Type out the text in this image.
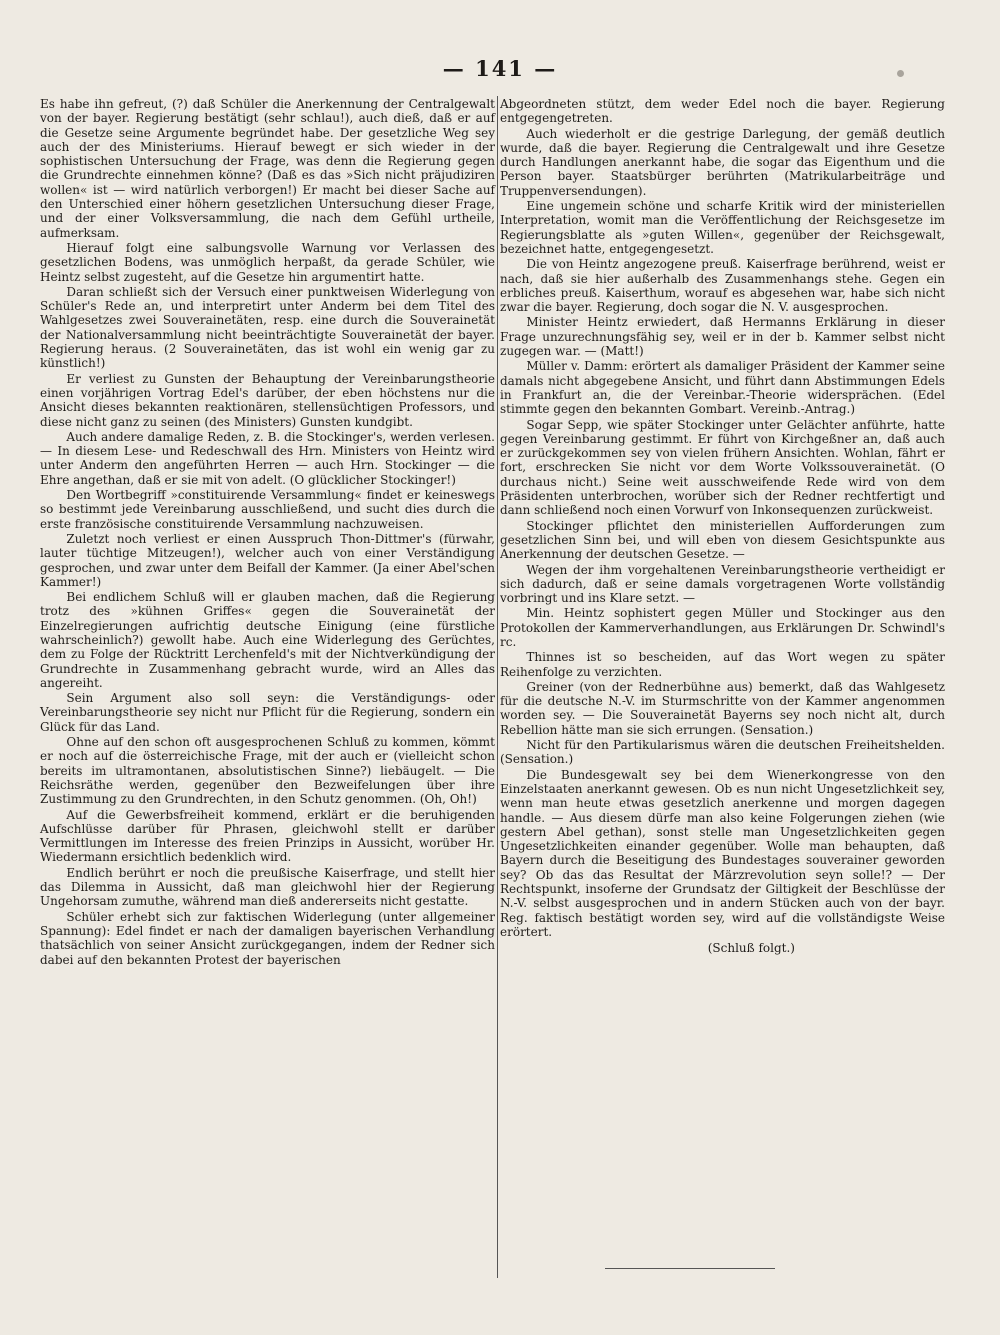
— 141 —

Es habe ihn gefreut, (?) daß Schüler die Anerkennung der Centralgewalt von der bayer. Regierung bestätigt (sehr schlau!), auch dieß, daß er auf die Gesetze seine Argumente begründet habe. Der gesetzliche Weg sey auch der des Ministeriums. Hierauf bewegt er sich wieder in der sophistischen Untersuchung der Frage, was denn die Regierung gegen die Grundrechte einnehmen könne? (Daß es das »Sich nicht präjudiziren wollen« ist — wird natürlich verborgen!) Er macht bei dieser Sache auf den Unterschied einer höhern gesetzlichen Untersuchung dieser Frage, und der einer Volksversammlung, die nach dem Gefühl urtheile, aufmerksam.

Hierauf folgt eine salbungsvolle Warnung vor Verlassen des gesetzlichen Bodens, was unmöglich herpaßt, da gerade Schüler, wie Heintz selbst zugesteht, auf die Gesetze hin argumentirt hatte.

Daran schließt sich der Versuch einer punktweisen Widerlegung von Schüler's Rede an, und interpretirt unter Anderm bei dem Titel des Wahlgesetzes zwei Souverainetäten, resp. eine durch die Souverainetät der Nationalversammlung nicht beeinträchtigte Souverainetät der bayer. Regierung heraus. (2 Souverainetäten, das ist wohl ein wenig gar zu künstlich!)

Er verliest zu Gunsten der Behauptung der Vereinbarungstheorie einen vorjährigen Vortrag Edel's darüber, der eben höchstens nur die Ansicht dieses bekannten reaktionären, stellensüchtigen Professors, und diese nicht ganz zu seinen (des Ministers) Gunsten kundgibt.

Auch andere damalige Reden, z. B. die Stockinger's, werden verlesen. — In diesem Lese- und Redeschwall des Hrn. Ministers von Heintz wird unter Anderm den angeführten Herren — auch Hrn. Stockinger — die Ehre angethan, daß er sie mit von adelt. (O glücklicher Stockinger!)

Den Wortbegriff »constituirende Versammlung« findet er keineswegs so bestimmt jede Vereinbarung ausschließend, und sucht dies durch die erste französische constituirende Versammlung nachzuweisen.

Zuletzt noch verliest er einen Ausspruch Thon-Dittmer's (fürwahr, lauter tüchtige Mitzeugen!), welcher auch von einer Verständigung gesprochen, und zwar unter dem Beifall der Kammer. (Ja einer Abel'schen Kammer!)

Bei endlichem Schluß will er glauben machen, daß die Regierung trotz des »kühnen Griffes« gegen die Souverainetät der Einzelregierungen aufrichtig deutsche Einigung (eine fürstliche wahrscheinlich?) gewollt habe. Auch eine Widerlegung des Gerüchtes, dem zu Folge der Rücktritt Lerchenfeld's mit der Nichtverkündigung der Grundrechte in Zusammenhang gebracht wurde, wird an Alles das angereiht.

Sein Argument also soll seyn: die Verständigungs- oder Vereinbarungstheorie sey nicht nur Pflicht für die Regierung, sondern ein Glück für das Land.

Ohne auf den schon oft ausgesprochenen Schluß zu kommen, kömmt er noch auf die österreichische Frage, mit der auch er (vielleicht schon bereits im ultramontanen, absolutistischen Sinne?) liebäugelt. — Die Reichsräthe werden, gegenüber den Bezweifelungen über ihre Zustimmung zu den Grundrechten, in den Schutz genommen. (Oh, Oh!)

Auf die Gewerbsfreiheit kommend, erklärt er die beruhigenden Aufschlüsse darüber für Phrasen, gleichwohl stellt er darüber Vermittlungen im Interesse des freien Prinzips in Aussicht, worüber Hr. Wiedermann ersichtlich bedenklich wird.

Endlich berührt er noch die preußische Kaiserfrage, und stellt hier das Dilemma in Aussicht, daß man gleichwohl hier der Regierung Ungehorsam zumuthe, während man dieß andererseits nicht gestatte.

Schüler erhebt sich zur faktischen Widerlegung (unter allgemeiner Spannung): Edel findet er nach der damaligen bayerischen Verhandlung thatsächlich von seiner Ansicht zurückgegangen, indem der Redner sich dabei auf den bekannten Protest der bayerischen

Abgeordneten stützt, dem weder Edel noch die bayer. Regierung entgegengetreten.

Auch wiederholt er die gestrige Darlegung, der gemäß deutlich wurde, daß die bayer. Regierung die Centralgewalt und ihre Gesetze durch Handlungen anerkannt habe, die sogar das Eigenthum und die Person bayer. Staatsbürger berührten (Matrikularbeiträge und Truppenversendungen).

Eine ungemein schöne und scharfe Kritik wird der ministeriellen Interpretation, womit man die Veröffentlichung der Reichsgesetze im Regierungsblatte als »guten Willen«, gegenüber der Reichsgewalt, bezeichnet hatte, entgegengesetzt.

Die von Heintz angezogene preuß. Kaiserfrage berührend, weist er nach, daß sie hier außerhalb des Zusammenhangs stehe. Gegen ein erbliches preuß. Kaiserthum, worauf es abgesehen war, habe sich nicht zwar die bayer. Regierung, doch sogar die N. V. ausgesprochen.

Minister Heintz erwiedert, daß Hermanns Erklärung in dieser Frage unzurechnungsfähig sey, weil er in der b. Kammer selbst nicht zugegen war. — (Matt!)

Müller v. Damm: erörtert als damaliger Präsident der Kammer seine damals nicht abgegebene Ansicht, und führt dann Abstimmungen Edels in Frankfurt an, die der Vereinbar.-Theorie widersprächen. (Edel stimmte gegen den bekannten Gombart. Vereinb.-Antrag.)

Sogar Sepp, wie später Stockinger unter Gelächter anführte, hatte gegen Vereinbarung gestimmt. Er führt von Kirchgeßner an, daß auch er zurückgekommen sey von vielen frühern Ansichten. Wohlan, fährt er fort, erschrecken Sie nicht vor dem Worte Volkssouverainetät. (O durchaus nicht.) Seine weit ausschweifende Rede wird von dem Präsidenten unterbrochen, worüber sich der Redner rechtfertigt und dann schließend noch einen Vorwurf von Inkonsequenzen zurückweist.

Stockinger pflichtet den ministeriellen Aufforderungen zum gesetzlichen Sinn bei, und will eben von diesem Gesichtspunkte aus Anerkennung der deutschen Gesetze. —

Wegen der ihm vorgehaltenen Vereinbarungstheorie vertheidigt er sich dadurch, daß er seine damals vorgetragenen Worte vollständig vorbringt und ins Klare setzt. —

Min. Heintz sophistert gegen Müller und Stockinger aus den Protokollen der Kammerverhandlungen, aus Erklärungen Dr. Schwindl's rc.

Thinnes ist so bescheiden, auf das Wort wegen zu später Reihenfolge zu verzichten.

Greiner (von der Rednerbühne aus) bemerkt, daß das Wahlgesetz für die deutsche N.-V. im Sturmschritte von der Kammer angenommen worden sey. — Die Souverainetät Bayerns sey noch nicht alt, durch Rebellion hätte man sie sich errungen. (Sensation.)

Nicht für den Partikularismus wären die deutschen Freiheitshelden. (Sensation.)

Die Bundesgewalt sey bei dem Wienerkongresse von den Einzelstaaten anerkannt gewesen. Ob es nun nicht Ungesetzlichkeit sey, wenn man heute etwas gesetzlich anerkenne und morgen dagegen handle. — Aus diesem dürfe man also keine Folgerungen ziehen (wie gestern Abel gethan), sonst stelle man Ungesetzlichkeiten gegen Ungesetzlichkeiten einander gegenüber. Wolle man behaupten, daß Bayern durch die Beseitigung des Bundestages souverainer geworden sey? Ob das das Resultat der Märzrevolution seyn solle!? — Der Rechtspunkt, insoferne der Grundsatz der Giltigkeit der Beschlüsse der N.-V. selbst ausgesprochen und in andern Stücken auch von der bayr. Reg. faktisch bestätigt worden sey, wird auf die vollständigste Weise erörtert.

(Schluß folgt.)
